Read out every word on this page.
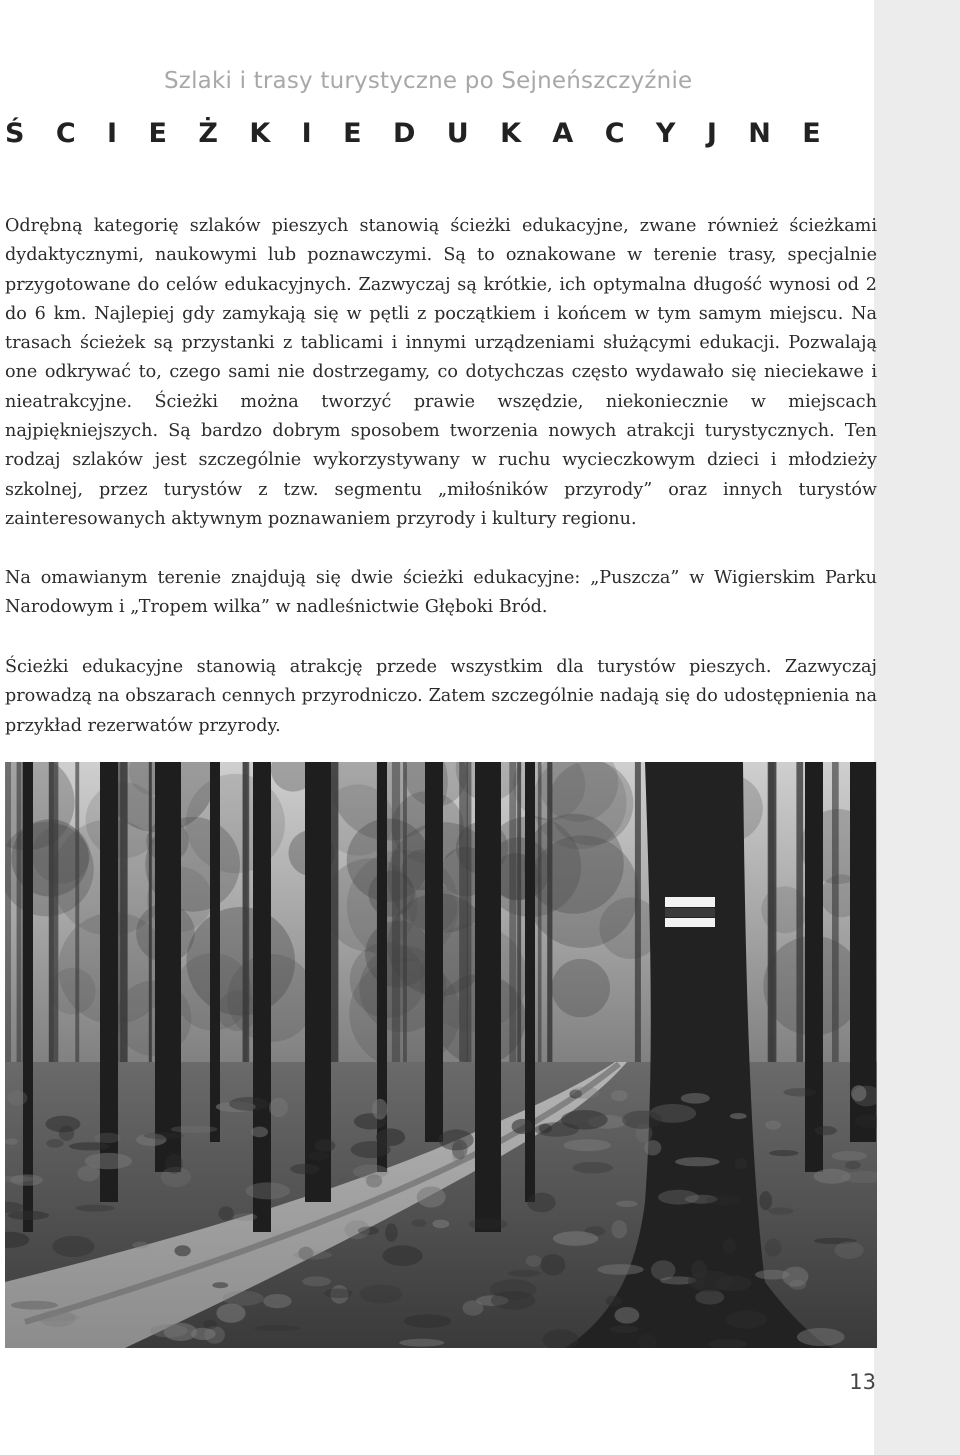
Szlaki i trasy turystyczne po Sejneńszczyźnie
Ś C I E Ż K I E D U K A C Y J N E

Odrębną kategorię szlaków pieszych stanowią ścieżki edukacyjne, zwane również ścieżkami dydaktycznymi, naukowymi lub poznawczymi. Są to oznakowane w terenie trasy, specjalnie przygotowane do celów edukacyjnych. Zazwyczaj są krótkie, ich optymalna długość wynosi od 2 do 6 km. Najlepiej gdy zamykają się w pętli z początkiem i końcem w tym samym miejscu. Na trasach ścieżek są przystanki z tablicami i innymi urządzeniami służącymi edukacji. Pozwalają one odkrywać to, czego sami nie dostrzegamy, co dotychczas często wydawało się nieciekawe i nieatrakcyjne. Ścieżki można tworzyć prawie wszędzie, niekoniecznie w miejscach najpiękniejszych. Są bardzo dobrym sposobem tworzenia nowych atrakcji turystycznych. Ten rodzaj szlaków jest szczególnie wykorzystywany w ruchu wycieczkowym dzieci i młodzieży szkolnej, przez turystów z tzw. segmentu „miłośników przyrody” oraz innych turystów zainteresowanych aktywnym poznawaniem przyrody i kultury regionu.

Na omawianym terenie znajdują się dwie ścieżki edukacyjne: „Puszcza” w Wigierskim Parku Narodowym i „Tropem wilka” w nadleśnictwie Głęboki Bród.

Ścieżki edukacyjne stanowią atrakcję przede wszystkim dla turystów pieszych. Zazwyczaj prowadzą na obszarach cennych przyrodniczo. Zatem szczególnie nadają się do udostępnienia na przykład rezerwatów przyrody.

13
